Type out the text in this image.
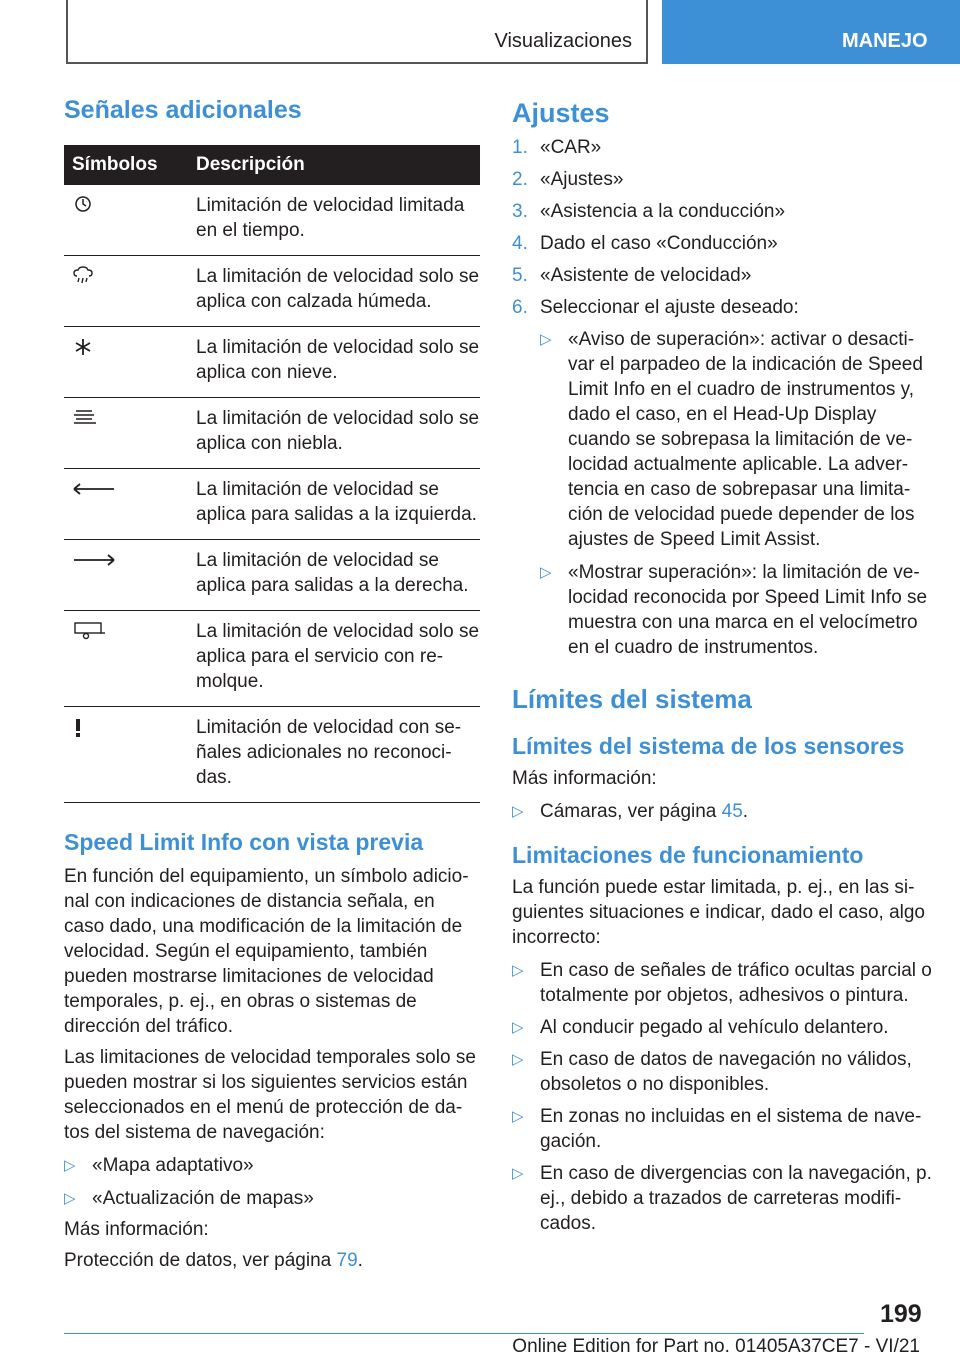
Visualizaciones	MANEJO
Señales adicionales
Símbolos	Descripción
	Limitación de velocidad limitada en el tiempo.
	La limitación de velocidad solo se aplica con calzada húmeda.
	La limitación de velocidad solo se aplica con nieve.
	La limitación de velocidad solo se aplica con niebla.
	La limitación de velocidad se aplica para salidas a la izquierda.
	La limitación de velocidad se aplica para salidas a la derecha.
	La limitación de velocidad solo se aplica para el servicio con remolque.
	Limitación de velocidad con señales adicionales no reconocidas.
Speed Limit Info con vista previa

En función del equipamiento, un símbolo adicional con indicaciones de distancia señala, en caso dado, una modificación de la limitación de velocidad. Según el equipamiento, también pueden mostrarse limitaciones de velocidad temporales, p. ej., en obras o sistemas de dirección del tráfico.

Las limitaciones de velocidad temporales solo se pueden mostrar si los siguientes servicios están seleccionados en el menú de protección de datos del sistema de navegación:

▷ «Mapa adaptativo»
▷ «Actualización de mapas»

Más información:

Protección de datos, ver página 79.

Ajustes
1. «CAR»
2. «Ajustes»
3. «Asistencia a la conducción»
4. Dado el caso «Conducción»
5. «Asistente de velocidad»
6. Seleccionar el ajuste deseado:
▷ «Aviso de superación»: activar o desactivar el parpadeo de la indicación de Speed Limit Info en el cuadro de instrumentos y, dado el caso, en el Head-Up Display cuando se sobrepasa la limitación de velocidad actualmente aplicable. La advertencia en caso de sobrepasar una limitación de velocidad puede depender de los ajustes de Speed Limit Assist.
▷ «Mostrar superación»: la limitación de velocidad reconocida por Speed Limit Info se muestra con una marca en el velocímetro en el cuadro de instrumentos.
Límites del sistema
Límites del sistema de los sensores

Más información:

▷ Cámaras, ver página 45.
Limitaciones de funcionamiento

La función puede estar limitada, p. ej., en las siguientes situaciones e indicar, dado el caso, algo incorrecto:

▷ En caso de señales de tráfico ocultas parcial o totalmente por objetos, adhesivos o pintura.
▷ Al conducir pegado al vehículo delantero.
▷ En caso de datos de navegación no válidos, obsoletos o no disponibles.
▷ En zonas no incluidas en el sistema de navegación.
▷ En caso de divergencias con la navegación, p. ej., debido a trazados de carreteras modificados.
199
Online Edition for Part no. 01405A37CE7 - VI/21
